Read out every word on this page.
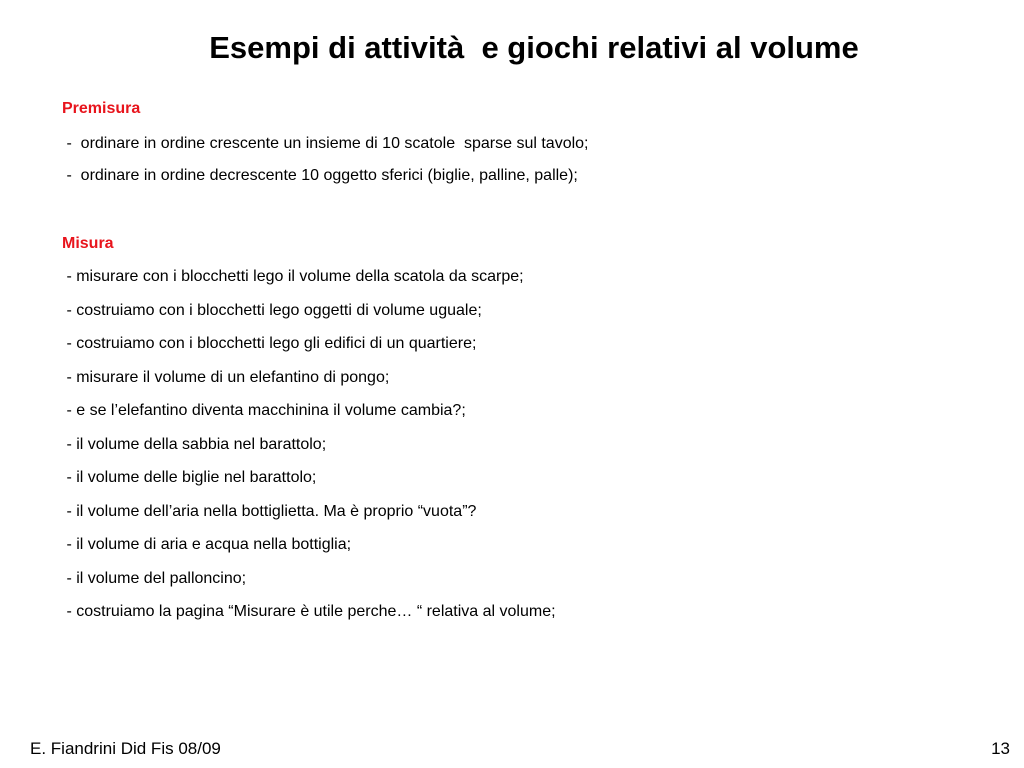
Esempi di attività  e giochi relativi al volume
Premisura
-  ordinare in ordine crescente un insieme di 10 scatole  sparse sul tavolo;
-  ordinare in ordine decrescente 10 oggetto sferici (biglie, palline, palle);
Misura
- misurare con i blocchetti lego il volume della scatola da scarpe;
- costruiamo con i blocchetti lego oggetti di volume uguale;
- costruiamo con i blocchetti lego gli edifici di un quartiere;
- misurare il volume di un elefantino di pongo;
- e se l’elefantino diventa macchinina il volume cambia?;
- il volume della sabbia nel barattolo;
- il volume delle biglie nel barattolo;
- il volume dell’aria nella bottiglietta. Ma è proprio “vuota”?
- il volume di aria e acqua nella bottiglia;
- il volume del palloncino;
- costruiamo la pagina “Misurare è utile perche… “ relativa al volume;
E. Fiandrini Did Fis 08/09	13
